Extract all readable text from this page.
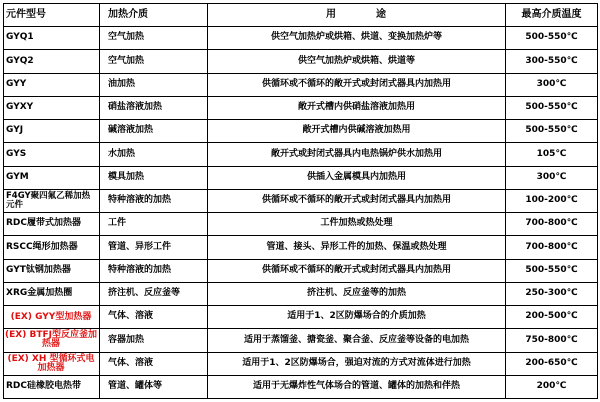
元件型号	加热介质	用途	最高介质温度
GYQ1	空气加热	供空气加热炉或烘箱、烘道、变换加热炉等	500-550℃
GYQ2	空气加热	供空气加热炉或烘箱、烘道等	300-550℃
GYY	油加热	供循环或不循环的敞开式或封闭式器具内加热用	300℃
GYXY	硝盐溶液加热	敞开式槽内供硝盐溶液加热用	500-550℃
GYJ	碱溶液加热	敞开式槽内供碱溶液加热用	500-550℃
GYS	水加热	敞开式或封闭式器具内电热锅炉供水加热用	105℃
GYM	模具加热	供插入金属模具内加热用	300℃
F4GY聚四氟乙稀加热元件	特种溶液的加热	供循环或不循环的敞开式或封闭式器具内加热用	100-200℃
RDC履带式加热器	工件	工件加热或热处理	700-800℃
RSCC绳形加热器	管道、异形工件	管道、接头、异形工件的加热、保温或热处理	700-800℃
GYT钛钢加热器	特种溶液的加热	供循环或不循环的敞开式或封闭式器具内加热用	500-550℃
XRG金属加热圈	挤注机、反应釜等	挤注机、反应釜等的加热	250-300℃
(EX) GYY型加热器	气体、溶液	适用于1、2区防爆场合的介质加热	200-500℃
(EX) BTFJ型反应釜加热器	容器加热	适用于蒸馏釜、搪瓷釜、聚合釜、反应釜等设备的电加热	750-800℃
(EX) XH 型循环式电加热器	气体、溶液	适用于1、2区防爆场合，强迫对流的方式对流体进行加热	200-650℃
RDC硅橡胶电热带	管道、罐体等	适用于无爆炸性气体场合的管道、罐体的加热和伴热	200℃
